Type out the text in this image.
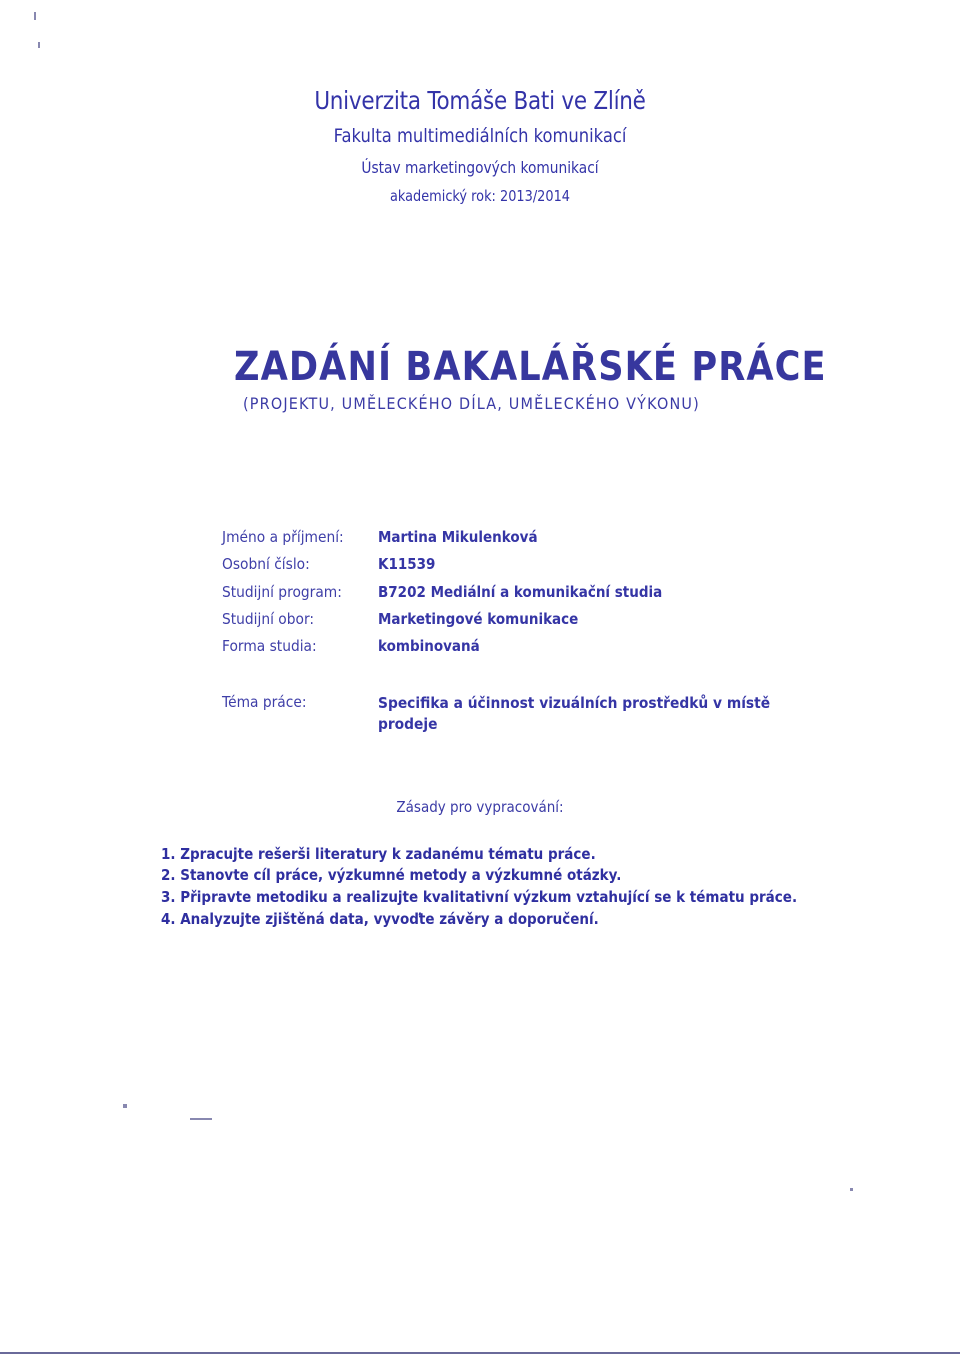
Univerzita Tomáše Bati ve Zlíně
Fakulta multimediálních komunikací
Ústav marketingových komunikací
akademický rok: 2013/2014
ZADÁNÍ BAKALÁŘSKÉ PRÁCE
(PROJEKTU, UMĚLECKÉHO DÍLA, UMĚLECKÉHO VÝKONU)
Jméno a příjmení: Martina Mikulenková
Osobní číslo:	K11539
Studijní program: B7202 Mediální a komunikační studia
Studijní obor:	Marketingové komunikace
Forma studia:	kombinovaná
Téma práce:	Specifika a účinnost vizuálních prostředků v místě prodeje
Zásady pro vypracování:
1. Zpracujte rešerši literatury k zadanému tématu práce.
2. Stanovte cíl práce, výzkumné metody a výzkumné otázky.
3. Připravte metodiku a realizujte kvalitativní výzkum vztahující se k tématu práce.
4. Analyzujte zjištěná data, vyvoďte závěry a doporučení.
